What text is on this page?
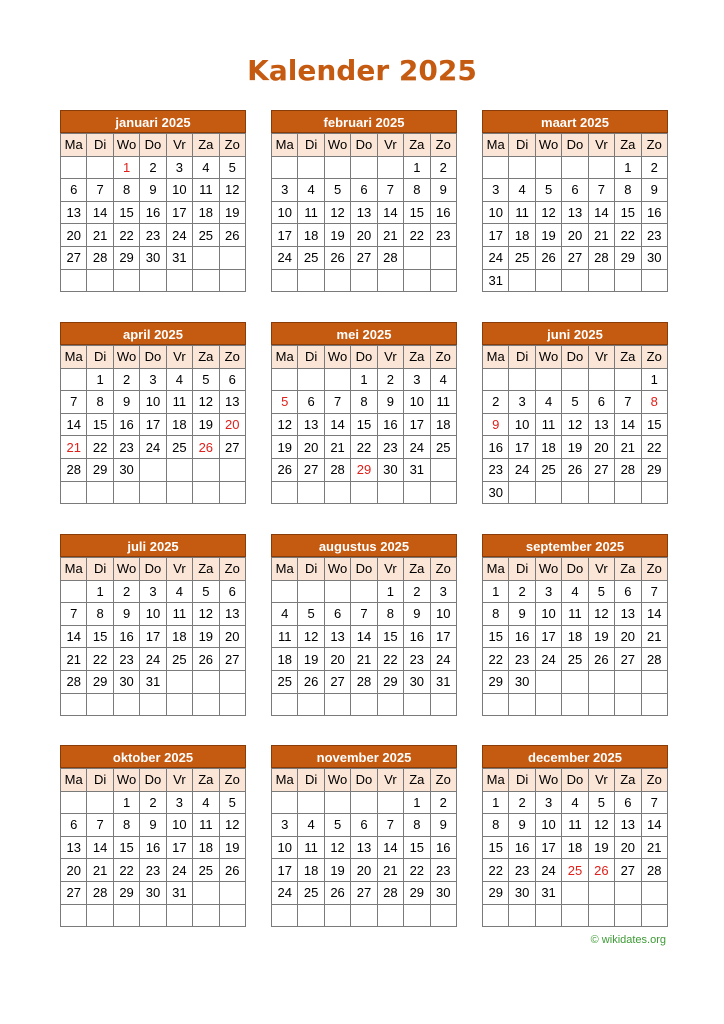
Kalender 2025
januari 2025
Ma	Di	Wo	Do	Vr	Za	Zo
		1	2	3	4	5
6	7	8	9	10	11	12
13	14	15	16	17	18	19
20	21	22	23	24	25	26
27	28	29	30	31		

februari 2025
Ma	Di	Wo	Do	Vr	Za	Zo
					1	2
3	4	5	6	7	8	9
10	11	12	13	14	15	16
17	18	19	20	21	22	23
24	25	26	27	28		

maart 2025
Ma	Di	Wo	Do	Vr	Za	Zo
					1	2
3	4	5	6	7	8	9
10	11	12	13	14	15	16
17	18	19	20	21	22	23
24	25	26	27	28	29	30
31						
april 2025
Ma	Di	Wo	Do	Vr	Za	Zo
	1	2	3	4	5	6
7	8	9	10	11	12	13
14	15	16	17	18	19	20
21	22	23	24	25	26	27
28	29	30				

mei 2025
Ma	Di	Wo	Do	Vr	Za	Zo
			1	2	3	4
5	6	7	8	9	10	11
12	13	14	15	16	17	18
19	20	21	22	23	24	25
26	27	28	29	30	31	

juni 2025
Ma	Di	Wo	Do	Vr	Za	Zo
						1
2	3	4	5	6	7	8
9	10	11	12	13	14	15
16	17	18	19	20	21	22
23	24	25	26	27	28	29
30						
juli 2025
Ma	Di	Wo	Do	Vr	Za	Zo
	1	2	3	4	5	6
7	8	9	10	11	12	13
14	15	16	17	18	19	20
21	22	23	24	25	26	27
28	29	30	31			

augustus 2025
Ma	Di	Wo	Do	Vr	Za	Zo
				1	2	3
4	5	6	7	8	9	10
11	12	13	14	15	16	17
18	19	20	21	22	23	24
25	26	27	28	29	30	31

september 2025
Ma	Di	Wo	Do	Vr	Za	Zo
1	2	3	4	5	6	7
8	9	10	11	12	13	14
15	16	17	18	19	20	21
22	23	24	25	26	27	28
29	30					

oktober 2025
Ma	Di	Wo	Do	Vr	Za	Zo
		1	2	3	4	5
6	7	8	9	10	11	12
13	14	15	16	17	18	19
20	21	22	23	24	25	26
27	28	29	30	31		

november 2025
Ma	Di	Wo	Do	Vr	Za	Zo
					1	2
3	4	5	6	7	8	9
10	11	12	13	14	15	16
17	18	19	20	21	22	23
24	25	26	27	28	29	30

december 2025
Ma	Di	Wo	Do	Vr	Za	Zo
1	2	3	4	5	6	7
8	9	10	11	12	13	14
15	16	17	18	19	20	21
22	23	24	25	26	27	28
29	30	31				

© wikidates.org
